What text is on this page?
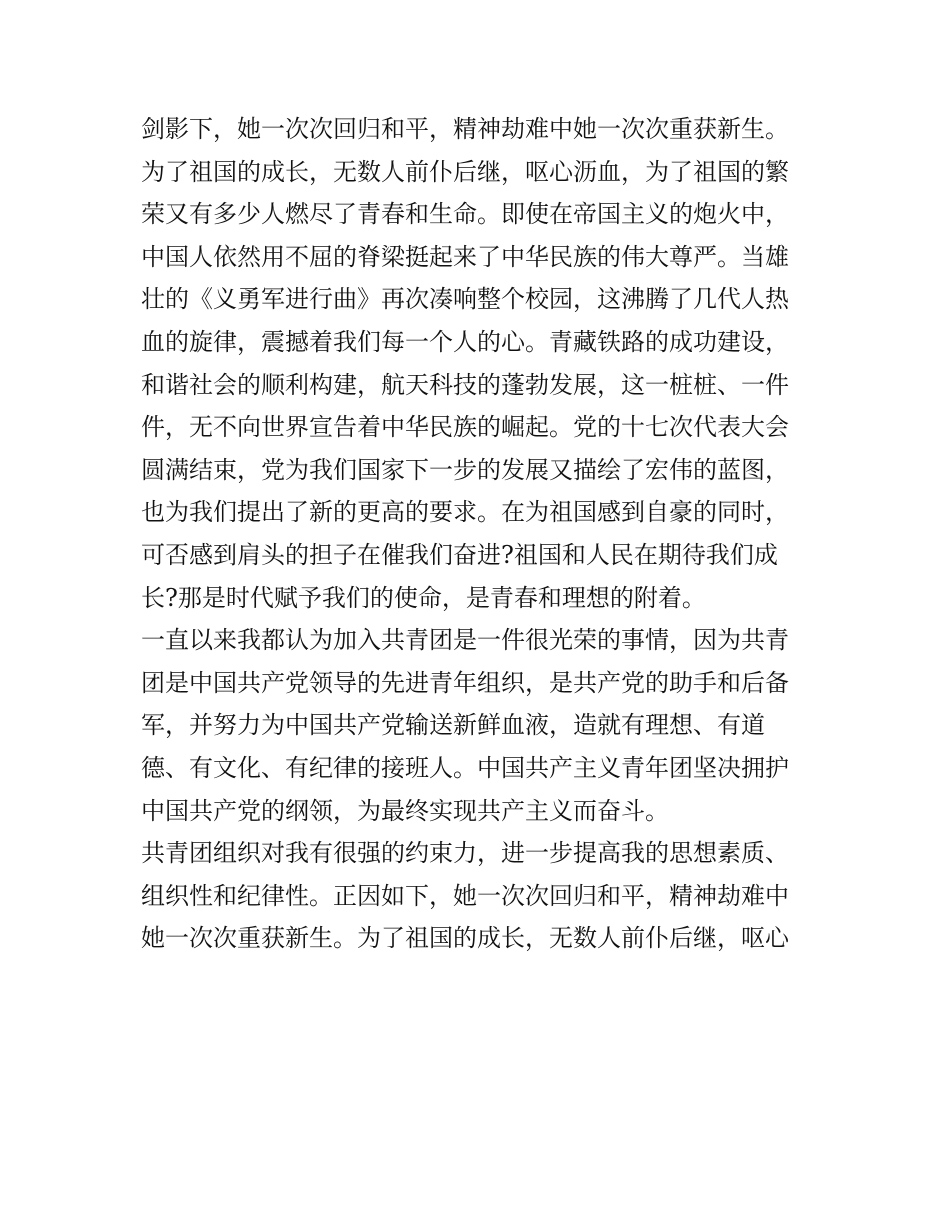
剑影下，她一次次回归和平，精神劫难中她一次次重获新生。
为了祖国的成长，无数人前仆后继，呕心沥血，为了祖国的繁
荣又有多少人燃尽了青春和生命。即使在帝国主义的炮火中，
中国人依然用不屈的脊梁挺起来了中华民族的伟大尊严。当雄
壮的《义勇军进行曲》再次凑响整个校园，这沸腾了几代人热
血的旋律，震撼着我们每一个人的心。青藏铁路的成功建设，
和谐社会的顺利构建，航天科技的蓬勃发展，这一桩桩、一件
件，无不向世界宣告着中华民族的崛起。党的十七次代表大会
圆满结束，党为我们国家下一步的发展又描绘了宏伟的蓝图，
也为我们提出了新的更高的要求。在为祖国感到自豪的同时，
可否感到肩头的担子在催我们奋进?祖国和人民在期待我们成
长?那是时代赋予我们的使命，是青春和理想的附着。
一直以来我都认为加入共青团是一件很光荣的事情，因为共青
团是中国共产党领导的先进青年组织，是共产党的助手和后备
军，并努力为中国共产党输送新鲜血液，造就有理想、有道
德、有文化、有纪律的接班人。中国共产主义青年团坚决拥护
中国共产党的纲领，为最终实现共产主义而奋斗。
共青团组织对我有很强的约束力，进一步提高我的思想素质、
组织性和纪律性。正因如下，她一次次回归和平，精神劫难中
她一次次重获新生。为了祖国的成长，无数人前仆后继，呕心
